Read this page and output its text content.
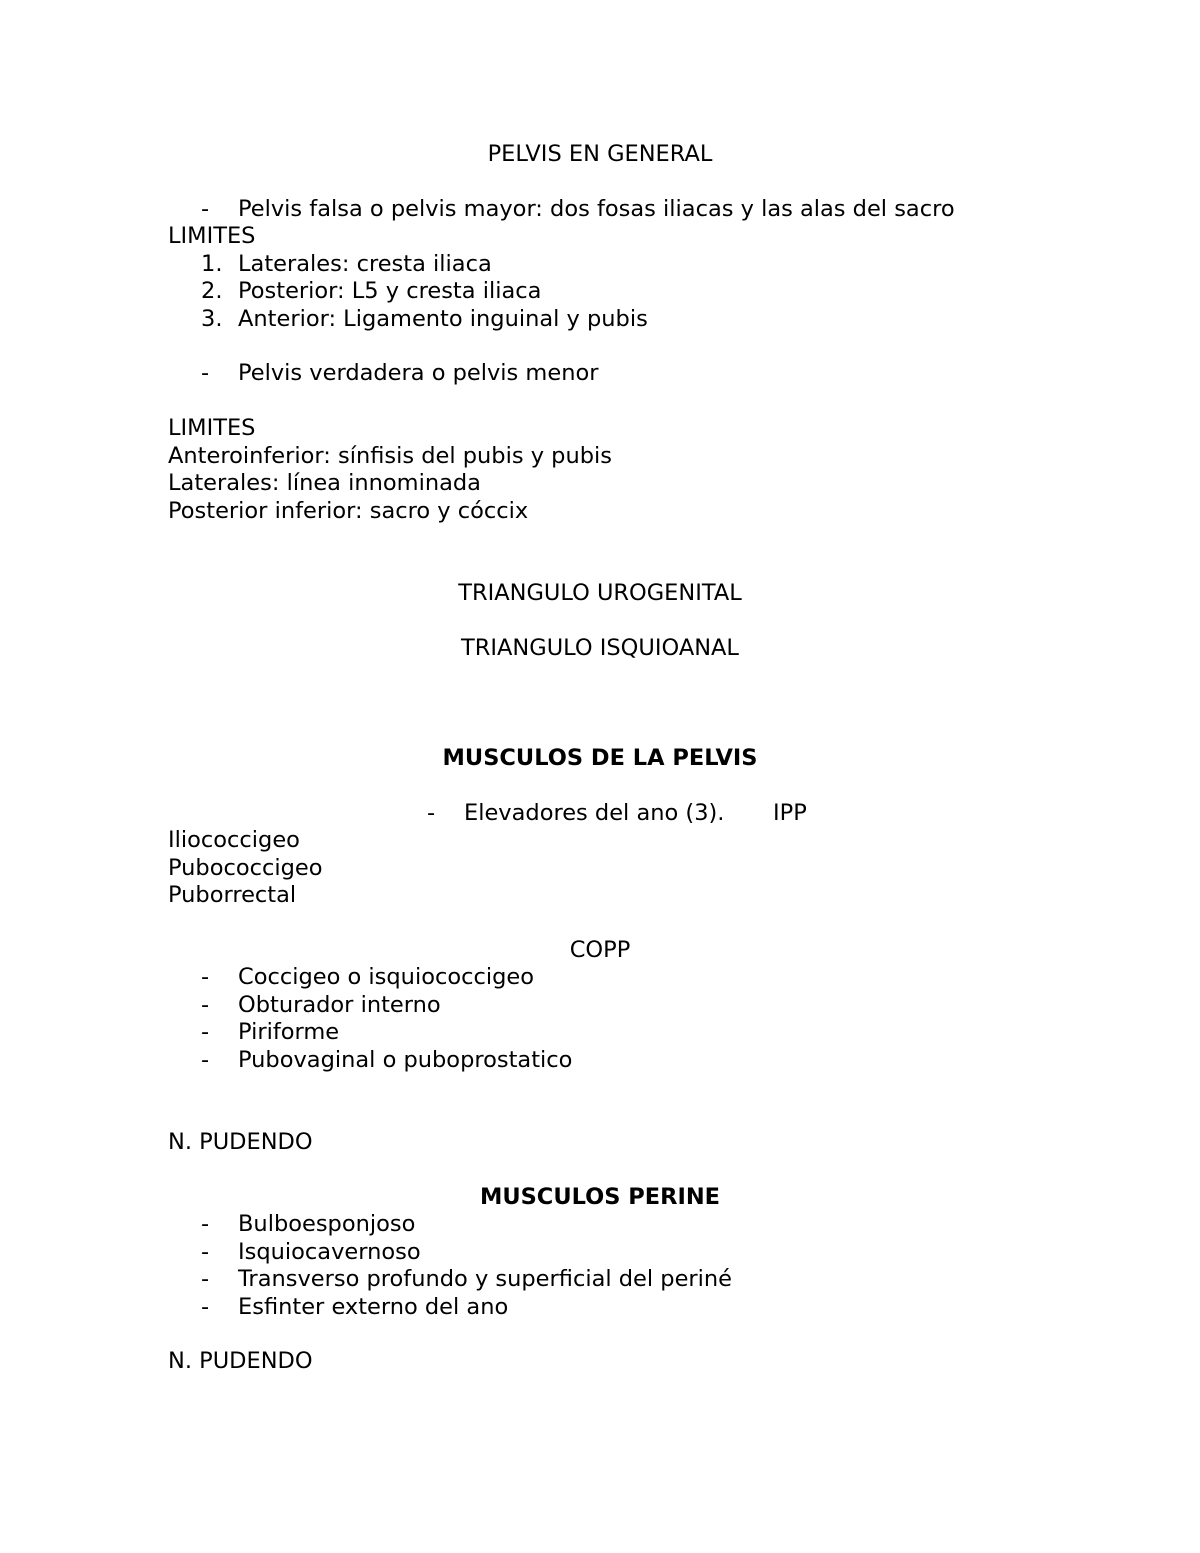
PELVIS EN GENERAL
- Pelvis falsa o pelvis mayor: dos fosas iliacas y las alas del sacro
LIMITES
1. Laterales: cresta iliaca
2. Posterior: L5 y cresta iliaca
3. Anterior: Ligamento inguinal y pubis
- Pelvis verdadera o pelvis menor
LIMITES
Anteroinferior: sínfisis del pubis y pubis
Laterales: línea innominada
Posterior inferior: sacro y cóccix
TRIANGULO UROGENITAL
TRIANGULO ISQUIOANAL
MUSCULOS DE LA PELVIS
- Elevadores del ano (3). IPP
Iliococcigeo
Pubococcigeo
Puborrectal
COPP
- Coccigeo o isquiococcigeo
- Obturador interno
- Piriforme
- Pubovaginal o puboprostatico
N. PUDENDO
MUSCULOS PERINE
- Bulboesponjoso
- Isquiocavernoso
- Transverso profundo y superficial del periné
- Esfinter externo del ano
N. PUDENDO
